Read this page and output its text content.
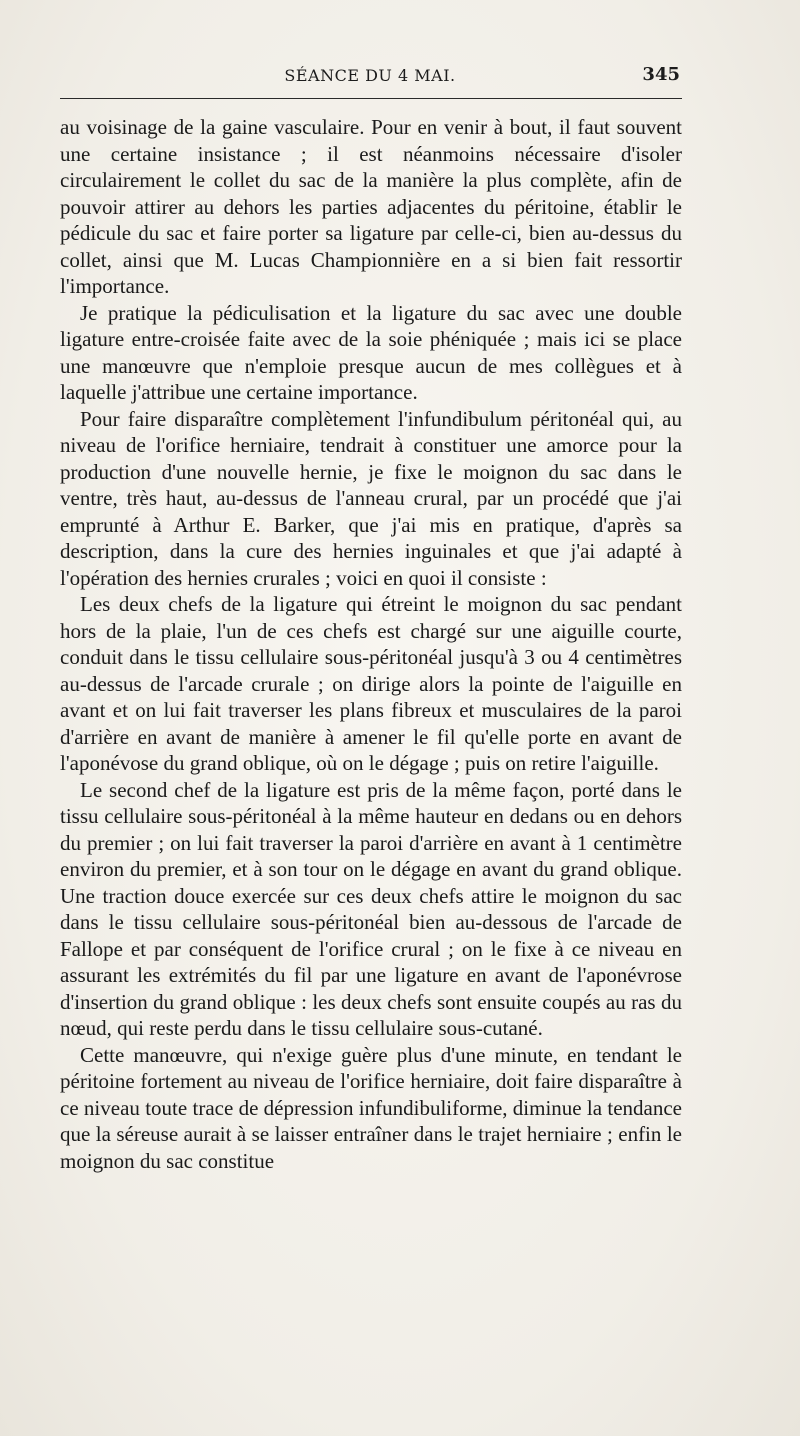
SÉANCE DU 4 MAI.	345

au voisinage de la gaine vasculaire. Pour en venir à bout, il faut souvent une certaine insistance ; il est néanmoins nécessaire d'isoler circulairement le collet du sac de la manière la plus complète, afin de pouvoir attirer au dehors les parties adjacentes du péritoine, établir le pédicule du sac et faire porter sa ligature par celle-ci, bien au-dessus du collet, ainsi que M. Lucas Championnière en a si bien fait ressortir l'importance.

Je pratique la pédiculisation et la ligature du sac avec une double ligature entre-croisée faite avec de la soie phéniquée ; mais ici se place une manœuvre que n'emploie presque aucun de mes collègues et à laquelle j'attribue une certaine importance.

Pour faire disparaître complètement l'infundibulum péritonéal qui, au niveau de l'orifice herniaire, tendrait à constituer une amorce pour la production d'une nouvelle hernie, je fixe le moignon du sac dans le ventre, très haut, au-dessus de l'anneau crural, par un procédé que j'ai emprunté à Arthur E. Barker, que j'ai mis en pratique, d'après sa description, dans la cure des hernies inguinales et que j'ai adapté à l'opération des hernies crurales ; voici en quoi il consiste :

Les deux chefs de la ligature qui étreint le moignon du sac pendant hors de la plaie, l'un de ces chefs est chargé sur une aiguille courte, conduit dans le tissu cellulaire sous-péritonéal jusqu'à 3 ou 4 centimètres au-dessus de l'arcade crurale ; on dirige alors la pointe de l'aiguille en avant et on lui fait traverser les plans fibreux et musculaires de la paroi d'arrière en avant de manière à amener le fil qu'elle porte en avant de l'aponévose du grand oblique, où on le dégage ; puis on retire l'aiguille.

Le second chef de la ligature est pris de la même façon, porté dans le tissu cellulaire sous-péritonéal à la même hauteur en dedans ou en dehors du premier ; on lui fait traverser la paroi d'arrière en avant à 1 centimètre environ du premier, et à son tour on le dégage en avant du grand oblique. Une traction douce exercée sur ces deux chefs attire le moignon du sac dans le tissu cellulaire sous-péritonéal bien au-dessous de l'arcade de Fallope et par conséquent de l'orifice crural ; on le fixe à ce niveau en assurant les extrémités du fil par une ligature en avant de l'aponévrose d'insertion du grand oblique : les deux chefs sont ensuite coupés au ras du nœud, qui reste perdu dans le tissu cellulaire sous-cutané.

Cette manœuvre, qui n'exige guère plus d'une minute, en tendant le péritoine fortement au niveau de l'orifice herniaire, doit faire disparaître à ce niveau toute trace de dépression infundibuliforme, diminue la tendance que la séreuse aurait à se laisser entraîner dans le trajet herniaire ; enfin le moignon du sac constitue
